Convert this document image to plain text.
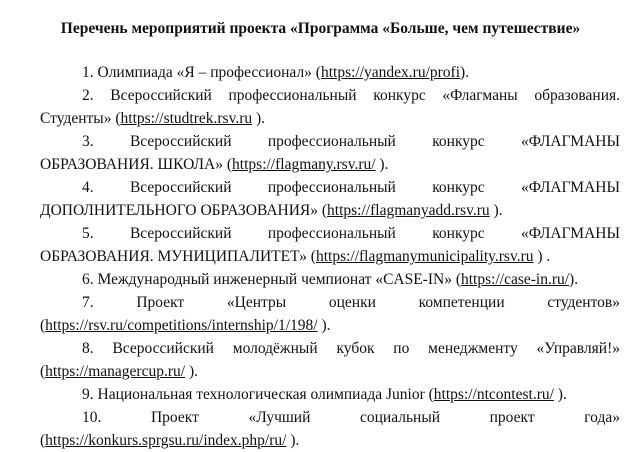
Перечень мероприятий проекта «Программа «Больше, чем путешествие»
1. Олимпиада «Я – профессионал» (https://yandex.ru/profi).
2. Всероссийский профессиональный конкурс «Флагманы образования.
Студенты» (https://studtrek.rsv.ru ).
3. Всероссийский профессиональный конкурс «ФЛАГМАНЫ
ОБРАЗОВАНИЯ. ШКОЛА» (https://flagmany.rsv.ru/ ).
4. Всероссийский профессиональный конкурс «ФЛАГМАНЫ
ДОПОЛНИТЕЛЬНОГО ОБРАЗОВАНИЯ» (https://flagmanyadd.rsv.ru ).
5. Всероссийский профессиональный конкурс «ФЛАГМАНЫ
ОБРАЗОВАНИЯ. МУНИЦИПАЛИТЕТ» (https://flagmanymunicipality.rsv.ru ) .
6. Международный инженерный чемпионат «CASE-IN» (https://case-in.ru/).
7. Проект «Центры оценки компетенции студентов»
(https://rsv.ru/competitions/internship/1/198/ ).
8. Всероссийский молодёжный кубок по менеджменту «Управляй!»
(https://managercup.ru/ ).
9. Национальная технологическая олимпиада Junior (https://ntcontest.ru/ ).
10. Проект «Лучший социальный проект года»
(https://konkurs.sprgsu.ru/index.php/ru/ ).
